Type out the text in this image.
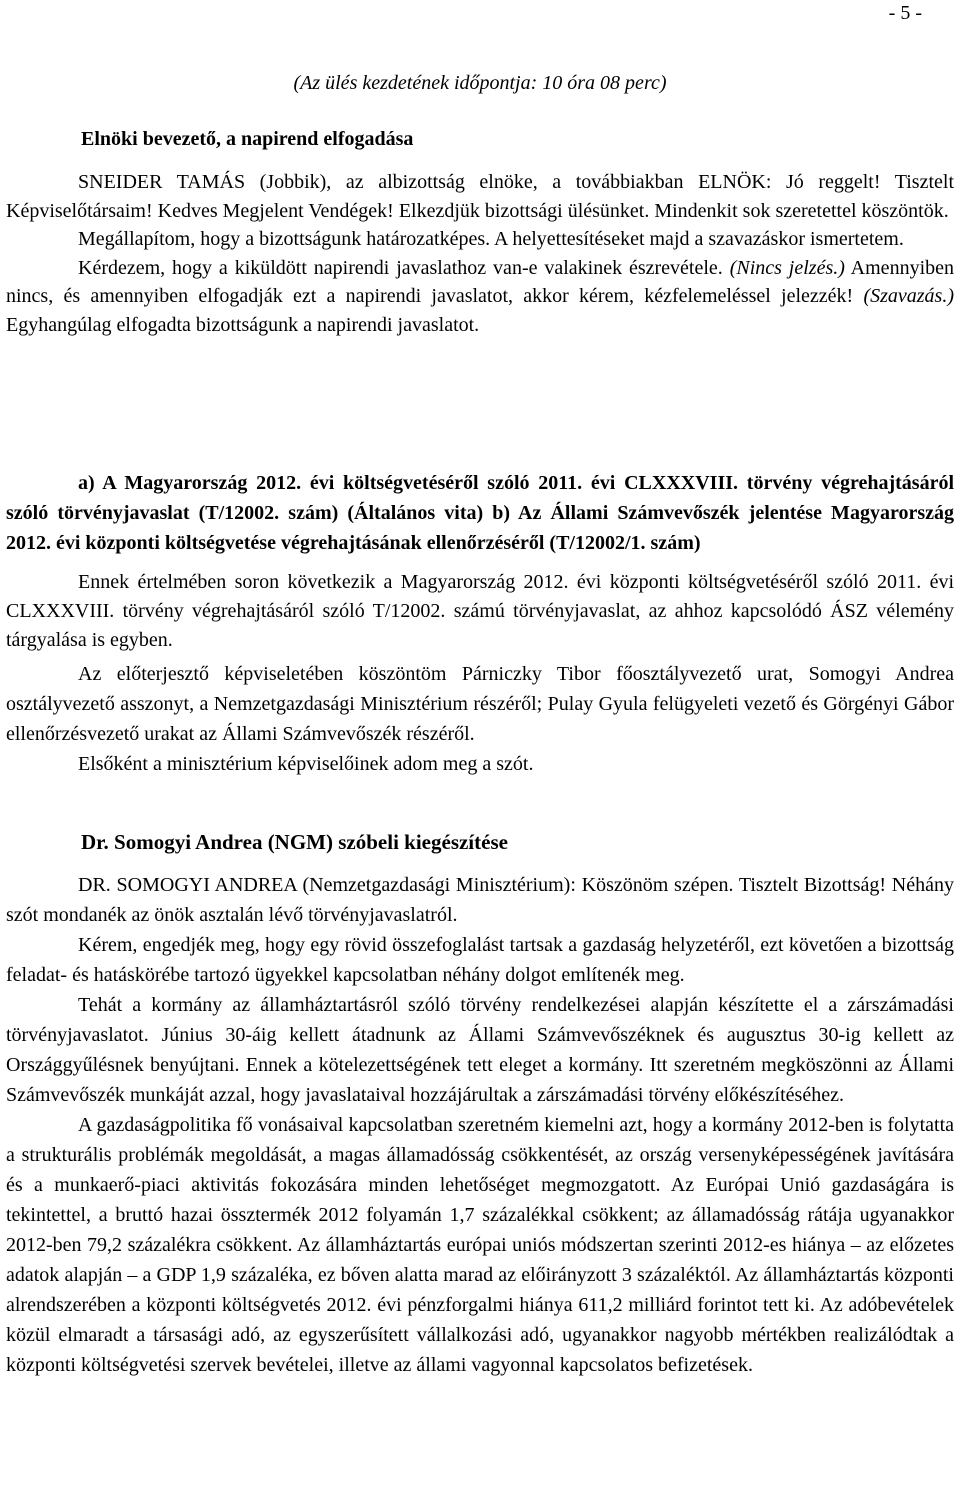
- 5 -

(Az ülés kezdetének időpontja: 10 óra 08 perc)

Elnöki bevezető, a napirend elfogadása

SNEIDER TAMÁS (Jobbik), az albizottság elnöke, a továbbiakban ELNÖK: Jó reggelt! Tisztelt Képviselőtársaim! Kedves Megjelent Vendégek! Elkezdjük bizottsági ülésünket. Mindenkit sok szeretettel köszöntök.

Megállapítom, hogy a bizottságunk határozatképes. A helyettesítéseket majd a szavazáskor ismertetem.

Kérdezem, hogy a kiküldött napirendi javaslathoz van-e valakinek észrevétele. (Nincs jelzés.) Amennyiben nincs, és amennyiben elfogadják ezt a napirendi javaslatot, akkor kérem, kézfelemeléssel jelezzék! (Szavazás.) Egyhangúlag elfogadta bizottságunk a napirendi javaslatot.

a) A Magyarország 2012. évi költségvetéséről szóló 2011. évi CLXXXVIII. törvény végrehajtásáról szóló törvényjavaslat (T/12002. szám) (Általános vita) b) Az Állami Számvevőszék jelentése Magyarország 2012. évi központi költségvetése végrehajtásának ellenőrzéséről (T/12002/1. szám)

Ennek értelmében soron következik a Magyarország 2012. évi központi költségvetéséről szóló 2011. évi CLXXXVIII. törvény végrehajtásáról szóló T/12002. számú törvényjavaslat, az ahhoz kapcsolódó ÁSZ vélemény tárgyalása is egyben.

Az előterjesztő képviseletében köszöntöm Párniczky Tibor főosztályvezető urat, Somogyi Andrea osztályvezető asszonyt, a Nemzetgazdasági Minisztérium részéről; Pulay Gyula felügyeleti vezető és Görgényi Gábor ellenőrzésvezető urakat az Állami Számvevőszék részéről.

Elsőként a minisztérium képviselőinek adom meg a szót.

Dr. Somogyi Andrea (NGM) szóbeli kiegészítése

DR. SOMOGYI ANDREA (Nemzetgazdasági Minisztérium): Köszönöm szépen. Tisztelt Bizottság! Néhány szót mondanék az önök asztalán lévő törvényjavaslatról.

Kérem, engedjék meg, hogy egy rövid összefoglalást tartsak a gazdaság helyzetéről, ezt követően a bizottság feladat- és hatáskörébe tartozó ügyekkel kapcsolatban néhány dolgot említenék meg.

Tehát a kormány az államháztartásról szóló törvény rendelkezései alapján készítette el a zárszámadási törvényjavaslatot. Június 30-áig kellett átadnunk az Állami Számvevőszéknek és augusztus 30-ig kellett az Országgyűlésnek benyújtani. Ennek a kötelezettségének tett eleget a kormány. Itt szeretném megköszönni az Állami Számvevőszék munkáját azzal, hogy javaslataival hozzájárultak a zárszámadási törvény előkészítéséhez.

A gazdaságpolitika fő vonásaival kapcsolatban szeretném kiemelni azt, hogy a kormány 2012-ben is folytatta a strukturális problémák megoldását, a magas államadósság csökkentését, az ország versenyképességének javítására és a munkaerő-piaci aktivitás fokozására minden lehetőséget megmozgatott. Az Európai Unió gazdaságára is tekintettel, a bruttó hazai össztermék 2012 folyamán 1,7 százalékkal csökkent; az államadósság rátája ugyanakkor 2012-ben 79,2 százalékra csökkent. Az államháztartás európai uniós módszertan szerinti 2012-es hiánya – az előzetes adatok alapján – a GDP 1,9 százaléka, ez bőven alatta marad az előirányzott 3 százaléktól. Az államháztartás központi alrendszerében a központi költségvetés 2012. évi pénzforgalmi hiánya 611,2 milliárd forintot tett ki. Az adóbevételek közül elmaradt a társasági adó, az egyszerűsített vállalkozási adó, ugyanakkor nagyobb mértékben realizálódtak a központi költségvetési szervek bevételei, illetve az állami vagyonnal kapcsolatos befizetések.
